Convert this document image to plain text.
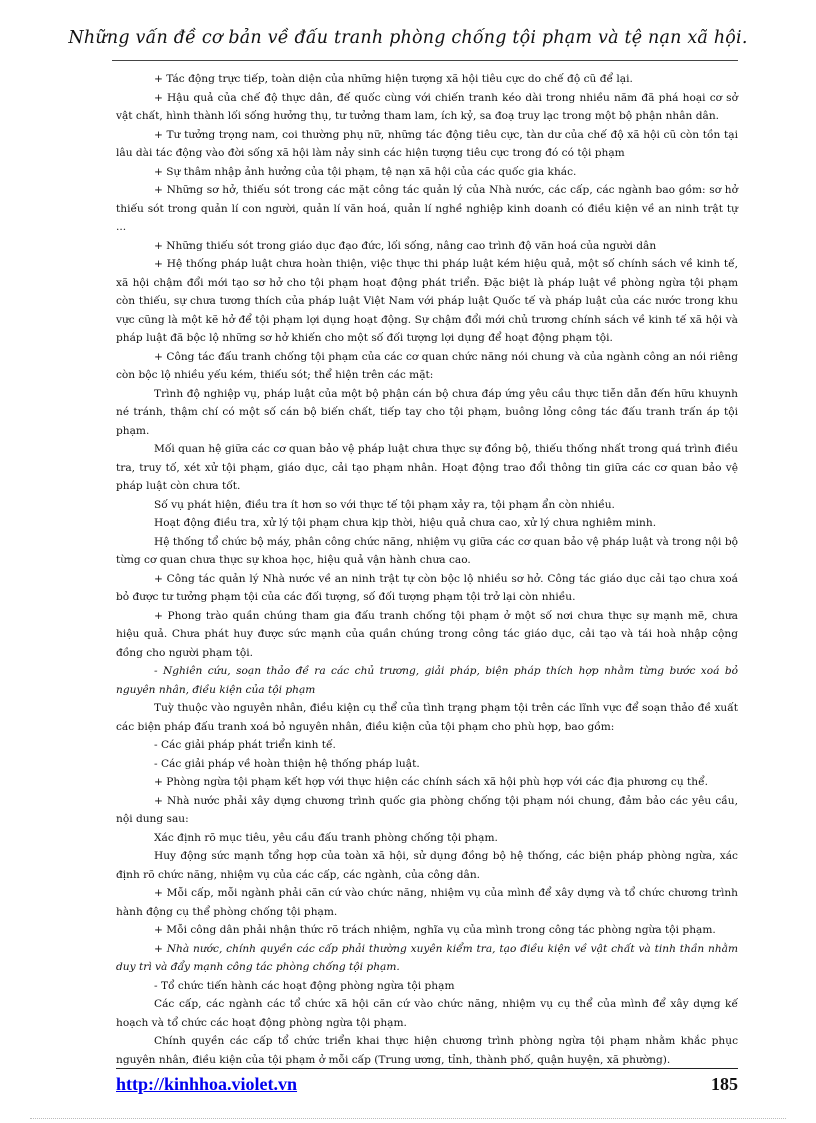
Những vấn đề cơ bản về đấu tranh phòng chống tội phạm và tệ nạn xã hội.

+ Tác động trực tiếp, toàn diện của những hiện tượng xã hội tiêu cực do chế độ cũ để lại.

+ Hậu quả của chế độ thực dân, đế quốc cùng với chiến tranh kéo dài trong nhiều năm đã phá hoại cơ sở vật chất, hình thành lối sống hưởng thụ, tư tưởng tham lam, ích kỷ, sa đoạ truy lạc trong một bộ phận nhân dân.

+ Tư tưởng trọng nam, coi thường phụ nữ, những tác động tiêu cực, tàn dư của chế độ xã hội cũ còn tồn tại lâu dài tác động vào đời sống xã hội làm nảy sinh các hiện tượng tiêu cực trong đó có tội phạm

+ Sự thâm nhập ảnh hưởng của tội phạm, tệ nạn xã hội của các quốc gia khác.

+ Những sơ hở, thiếu sót trong các mặt công tác quản lý của Nhà nước, các cấp, các ngành bao gồm: sơ hở thiếu sót trong quản lí con người, quản lí văn hoá, quản lí nghề nghiệp kinh doanh có điều kiện về an ninh trật tự ...

+ Những thiếu sót trong giáo dục đạo đức, lối sống, nâng cao trình độ văn hoá của người dân

+ Hệ thống pháp luật chưa hoàn thiện, việc thực thi pháp luật kém hiệu quả, một số chính sách về kinh tế, xã hội chậm đổi mới tạo sơ hở cho tội phạm hoạt động phát triển. Đặc biệt là pháp luật về phòng ngừa tội phạm còn thiếu, sự chưa tương thích của pháp luật Việt Nam với pháp luật Quốc tế và pháp luật của các nước trong khu vực cũng là một kẽ hở để tội phạm lợi dụng hoạt động. Sự chậm đổi mới chủ trương chính sách về kinh tế xã hội và pháp luật đã bộc lộ những sơ hở khiến cho một số đối tượng lợi dụng để hoạt động phạm tội.

+ Công tác đấu tranh chống tội phạm của các cơ quan chức năng nói chung và của ngành công an nói riêng còn bộc lộ nhiều yếu kém, thiếu sót; thể hiện trên các mặt:

Trình độ nghiệp vụ, pháp luật của một bộ phận cán bộ chưa đáp ứng yêu cầu thực tiễn dẫn đến hữu khuynh né tránh, thậm chí có một số cán bộ biến chất, tiếp tay cho tội phạm, buông lỏng công tác đấu tranh trấn áp tội phạm.

Mối quan hệ giữa các cơ quan bảo vệ pháp luật chưa thực sự đồng bộ, thiếu thống nhất trong quá trình điều tra, truy tố, xét xử tội phạm, giáo dục, cải tạo phạm nhân. Hoạt động trao đổi thông tin giữa các cơ quan bảo vệ pháp luật còn chưa tốt.

Số vụ phát hiện, điều tra ít hơn so với thực tế tội phạm xảy ra, tội phạm ẩn còn nhiều.

Hoạt động điều tra, xử lý tội phạm chưa kịp thời, hiệu quả chưa cao, xử lý chưa nghiêm minh.

Hệ thống tổ chức bộ máy, phân công chức năng, nhiệm vụ giữa các cơ quan bảo vệ pháp luật và trong nội bộ từng cơ quan chưa thực sự khoa học, hiệu quả vận hành chưa cao.

+ Công tác quản lý Nhà nước về an ninh trật tự còn bộc lộ nhiều sơ hở. Công tác giáo dục cải tạo chưa xoá bỏ được tư tưởng phạm tội của các đối tượng, số đối tượng phạm tội trở lại còn nhiều.

+ Phong trào quần chúng tham gia đấu tranh chống tội phạm ở một số nơi chưa thực sự mạnh mẽ, chưa hiệu quả. Chưa phát huy được sức mạnh của quần chúng trong công tác giáo dục, cải tạo và tái hoà nhập cộng đồng cho người phạm tội.

- Nghiên cứu, soạn thảo đề ra các chủ trương, giải pháp, biện pháp thích hợp nhằm từng bước xoá bỏ nguyên nhân, điều kiện của tội phạm

Tuỳ thuộc vào nguyên nhân, điều kiện cụ thể của tình trạng phạm tội trên các lĩnh vực để soạn thảo đề xuất các biện pháp đấu tranh xoá bỏ nguyên nhân, điều kiện của tội phạm cho phù hợp, bao gồm:

- Các giải pháp phát triển kinh tế.

- Các giải pháp về hoàn thiện hệ thống pháp luật.

+ Phòng ngừa tội phạm kết hợp với thực hiện các chính sách xã hội phù hợp với các địa phương cụ thể.

+ Nhà nước phải xây dựng chương trình quốc gia phòng chống tội phạm nói chung, đảm bảo các yêu cầu, nội dung sau:

Xác định rõ mục tiêu, yêu cầu đấu tranh phòng chống tội phạm.

Huy động sức mạnh tổng hợp của toàn xã hội, sử dụng đồng bộ hệ thống, các biện pháp phòng ngừa, xác định rõ chức năng, nhiệm vụ của các cấp, các ngành, của công dân.

+ Mỗi cấp, mỗi ngành phải căn cứ vào chức năng, nhiệm vụ của mình để xây dựng và tổ chức chương trình hành động cụ thể phòng chống tội phạm.

+ Mỗi công dân phải nhận thức rõ trách nhiệm, nghĩa vụ của mình trong công tác phòng ngừa tội phạm.

+ Nhà nước, chính quyền các cấp phải thường xuyên kiểm tra, tạo điều kiện về vật chất và tinh thần nhằm duy trì và đẩy mạnh công tác phòng chống tội phạm.

- Tổ chức tiến hành các hoạt động phòng ngừa tội phạm

Các cấp, các ngành các tổ chức xã hội căn cứ vào chức năng, nhiệm vụ cụ thể của mình để xây dựng kế hoạch và tổ chức các hoạt động phòng ngừa tội phạm.

Chính quyền các cấp tổ chức triển khai thực hiện chương trình phòng ngừa tội phạm nhằm khắc phục nguyên nhân, điều kiện của tội phạm ở mỗi cấp (Trung ương, tỉnh, thành phố, quận huyện, xã phường).

http://kinhhoa.violet.vn	185
